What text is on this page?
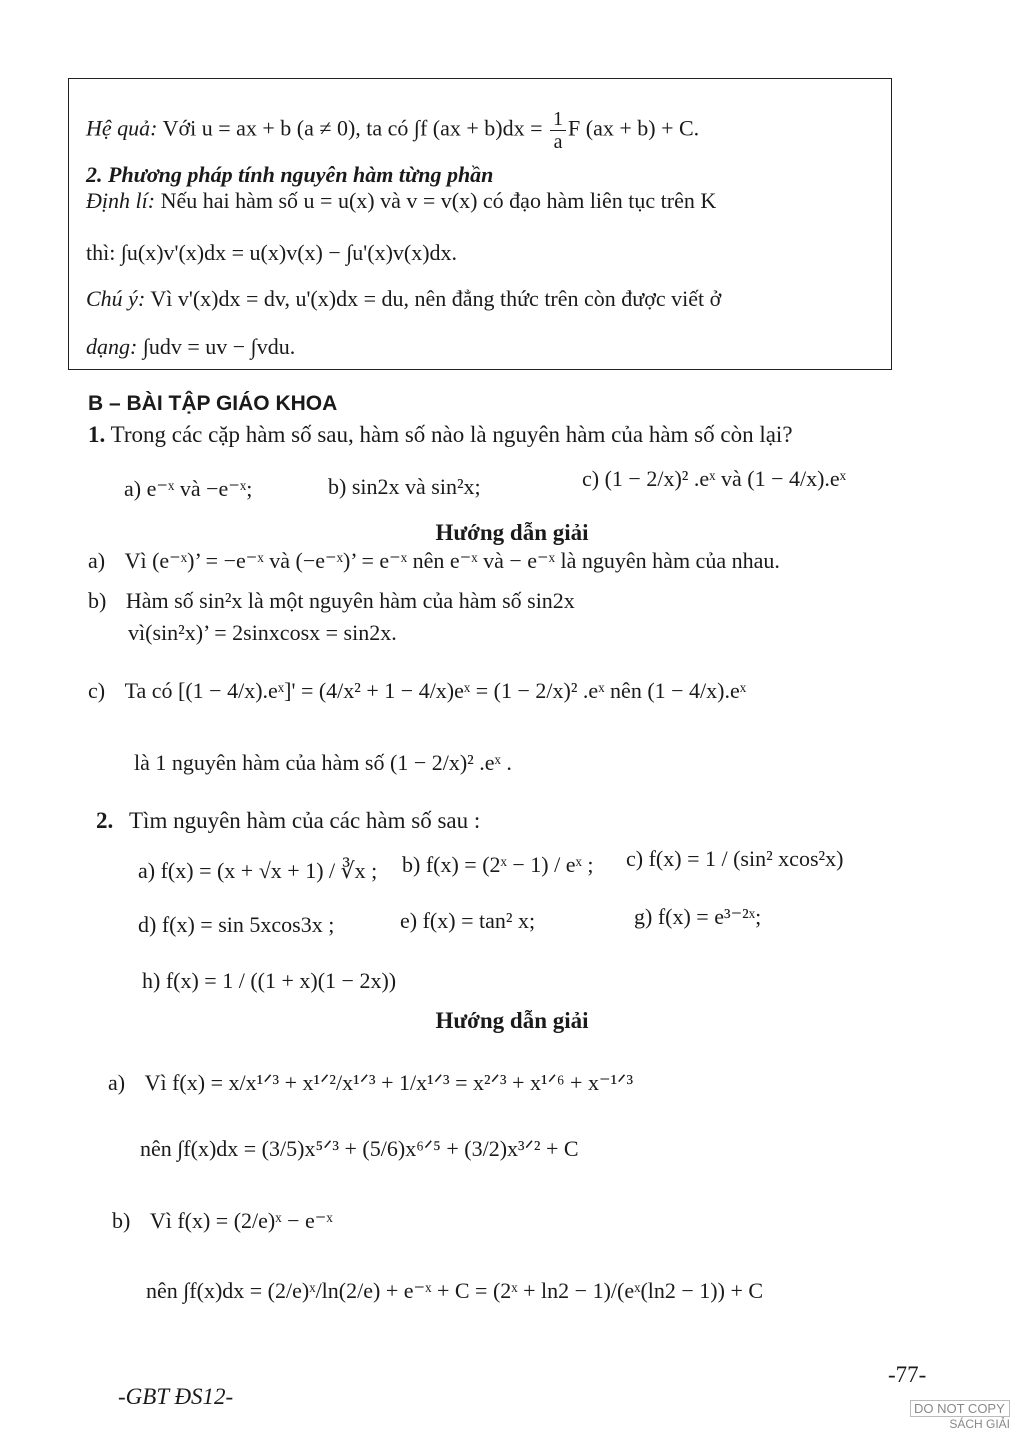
Hệ quả: Với u = ax + b (a ≠ 0), ta có ∫f $(ax + b)dx = \frac{1}{a}$ F (ax + b) + C.
2. Phương pháp tính nguyên hàm từng phần
Định lí: Nếu hai hàm số u = u(x) và v = v(x) có đạo hàm liên tục trên K
thì: ∫u(x)v'(x)dx = u(x)v(x) − ∫u'(x)v(x)dx.
Chú ý: Vì v'(x)dx = dv, u'(x)dx = du, nên đẳng thức trên còn được viết ở
dạng: ∫udv = uv − ∫vdu.
B – BÀI TẬP GIÁO KHOA
1. Trong các cặp hàm số sau, hàm số nào là nguyên hàm của hàm số còn lại?
a) e⁻ˣ và −e⁻ˣ;	b) sin2x và sin²x;	c) (1 − 2/x)² .eˣ và (1 − 4/x).eˣ
Hướng dẫn giải
a) Vì (e⁻ˣ)’ = −e⁻ˣ và (−e⁻ˣ)’ = e⁻ˣ nên e⁻ˣ và − e⁻ˣ là nguyên hàm của nhau.
b) Hàm số sin²x là một nguyên hàm của hàm số sin2x
vì(sin²x)’ = 2sinxcosx = sin2x.
c) Ta có [(1 − 4/x).eˣ]' = (4/x² + 1 − 4/x)eˣ = (1 − 2/x)² .eˣ nên (1 − 4/x).eˣ
là 1 nguyên hàm của hàm số (1 − 2/x)² .eˣ .
2. Tìm nguyên hàm của các hàm số sau :
a) f(x) = (x + √x + 1) / ∛x ; b) f(x) = (2ˣ − 1) / eˣ ; c) f(x) = 1 / (sin² xcos²x)
d) f(x) = sin 5xcos3x ;	e) f(x) = tan² x;	g) f(x) = e³⁻²ˣ;
h) f(x) = 1 / ((1 + x)(1 − 2x))
Hướng dẫn giải
a) Vì f(x) = x/x¹ᐟ³ + x¹ᐟ²/x¹ᐟ³ + 1/x¹ᐟ³ = x²ᐟ³ + x¹ᐟ⁶ + x⁻¹ᐟ³
nên ∫f(x)dx = (3/5)x⁵ᐟ³ + (5/6)x⁶ᐟ⁵ + (3/2)x³ᐟ² + C
b) Vì f(x) = (2/e)ˣ − e⁻ˣ
nên ∫f(x)dx = (2/e)ˣ/ln(2/e) + e⁻ˣ + C = (2ˣ + ln2 − 1)/(eˣ(ln2 − 1)) + C
-77-
-GBT ĐS12-	DO NOT COPY
SÁCH GIẢI
